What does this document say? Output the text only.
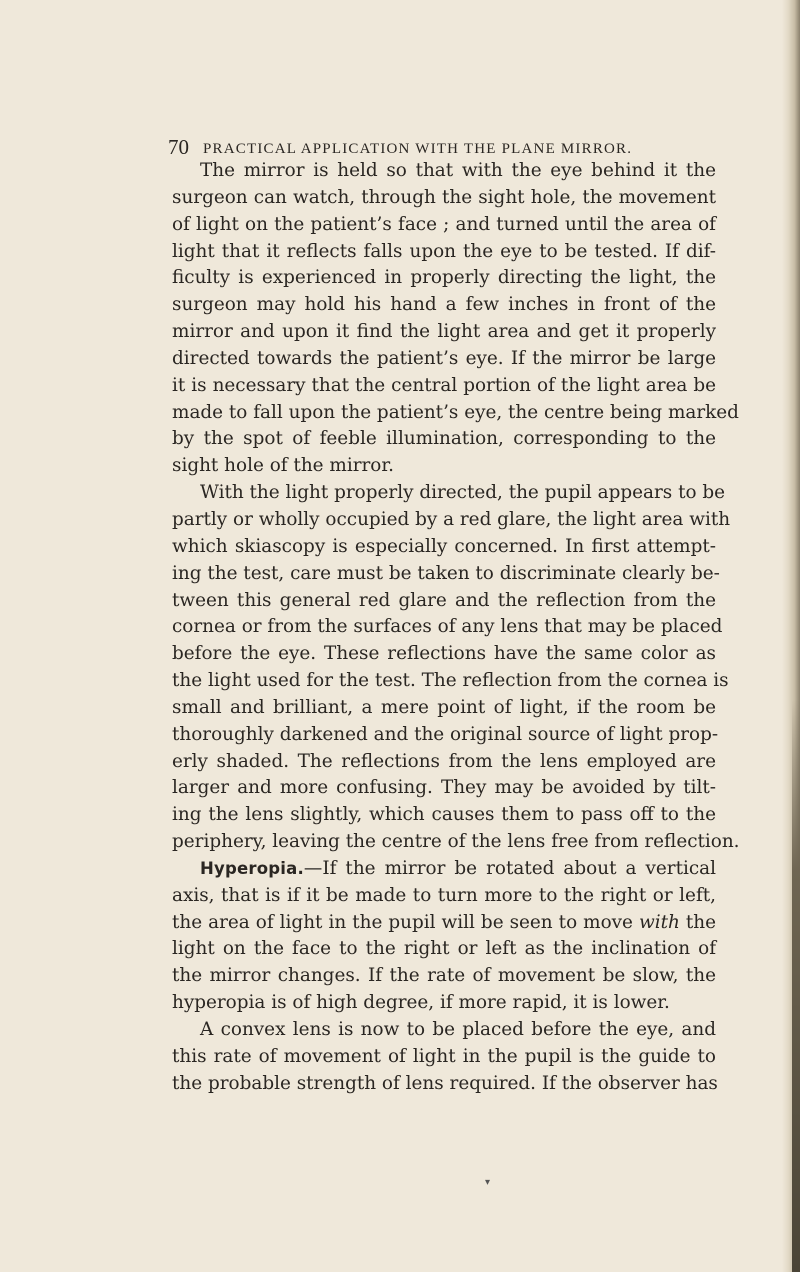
70 PRACTICAL APPLICATION WITH THE PLANE MIRROR.
The mirror is held so that with the eye behind it the
surgeon can watch, through the sight hole, the movement
of light on the patient’s face ; and turned until the area of
light that it reflects falls upon the eye to be tested. If dif-
ficulty is experienced in properly directing the light, the
surgeon may hold his hand a few inches in front of the
mirror and upon it find the light area and get it properly
directed towards the patient’s eye. If the mirror be large
it is necessary that the central portion of the light area be
made to fall upon the patient’s eye, the centre being marked
by the spot of feeble illumination, corresponding to the
sight hole of the mirror.
With the light properly directed, the pupil appears to be
partly or wholly occupied by a red glare, the light area with
which skiascopy is especially concerned. In first attempt-
ing the test, care must be taken to discriminate clearly be-
tween this general red glare and the reflection from the
cornea or from the surfaces of any lens that may be placed
before the eye. These reflections have the same color as
the light used for the test. The reflection from the cornea is
small and brilliant, a mere point of light, if the room be
thoroughly darkened and the original source of light prop-
erly shaded. The reflections from the lens employed are
larger and more confusing. They may be avoided by tilt-
ing the lens slightly, which causes them to pass off to the
periphery, leaving the centre of the lens free from reflection.
Hyperopia.—If the mirror be rotated about a vertical
axis, that is if it be made to turn more to the right or left,
the area of light in the pupil will be seen to move with the
light on the face to the right or left as the inclination of
the mirror changes. If the rate of movement be slow, the
hyperopia is of high degree, if more rapid, it is lower.
A convex lens is now to be placed before the eye, and
this rate of movement of light in the pupil is the guide to
the probable strength of lens required. If the observer has
▾
